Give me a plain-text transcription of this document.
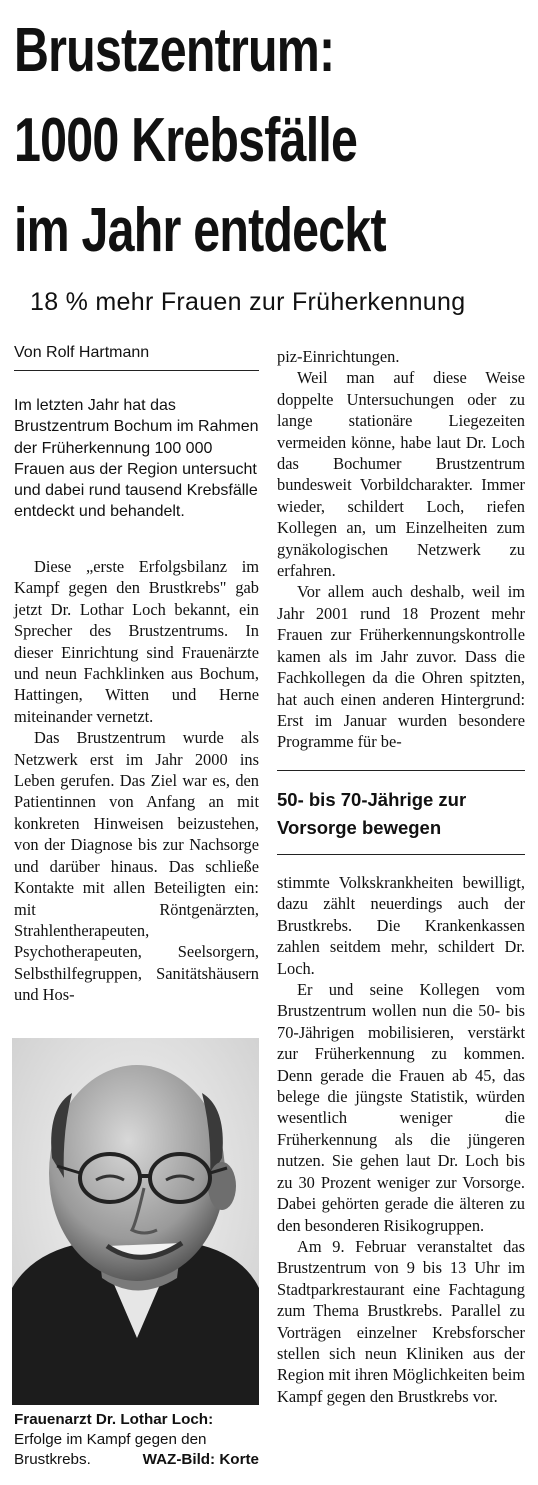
Brustzentrum:
1000 Krebsfälle
im Jahr entdeckt
18 % mehr Frauen zur Früherkennung
Von Rolf Hartmann

Im letzten Jahr hat das Brustzentrum Bochum im Rahmen der Früherkennung 100 000 Frauen aus der Region untersucht und dabei rund tausend Krebsfälle entdeckt und behandelt.

Diese „erste Erfolgsbilanz im Kampf gegen den Brustkrebs" gab jetzt Dr. Lothar Loch bekannt, ein Sprecher des Brustzentrums. In dieser Einrichtung sind Frauenärzte und neun Fachklinken aus Bochum, Hattingen, Witten und Herne miteinander vernetzt.

Das Brustzentrum wurde als Netzwerk erst im Jahr 2000 ins Leben gerufen. Das Ziel war es, den Patientinnen von Anfang an mit konkreten Hinweisen beizustehen, von der Diagnose bis zur Nachsorge und darüber hinaus. Das schließe Kontakte mit allen Beteiligten ein: mit Röntgenärzten, Strahlentherapeuten, Psychotherapeuten, Seelsorgern, Selbsthilfegruppen, Sanitätshäusern und Hos-

Frauenarzt Dr. Lothar Loch: Erfolge im Kampf gegen den Brustkrebs.	WAZ-Bild: Korte

piz-Einrichtungen.

Weil man auf diese Weise doppelte Untersuchungen oder zu lange stationäre Liegezeiten vermeiden könne, habe laut Dr. Loch das Bochumer Brustzentrum bundesweit Vorbildcharakter. Immer wieder, schildert Loch, riefen Kollegen an, um Einzelheiten zum gynäkologischen Netzwerk zu erfahren.

Vor allem auch deshalb, weil im Jahr 2001 rund 18 Prozent mehr Frauen zur Früherkennungskontrolle kamen als im Jahr zuvor. Dass die Fachkollegen da die Ohren spitzten, hat auch einen anderen Hintergrund: Erst im Januar wurden besondere Programme für be-

50- bis 70-Jährige zur Vorsorge bewegen

stimmte Volkskrankheiten bewilligt, dazu zählt neuerdings auch der Brustkrebs. Die Krankenkassen zahlen seitdem mehr, schildert Dr. Loch.

Er und seine Kollegen vom Brustzentrum wollen nun die 50- bis 70-Jährigen mobilisieren, verstärkt zur Früherkennung zu kommen. Denn gerade die Frauen ab 45, das belege die jüngste Statistik, würden wesentlich weniger die Früherkennung als die jüngeren nutzen. Sie gehen laut Dr. Loch bis zu 30 Prozent weniger zur Vorsorge. Dabei gehörten gerade die älteren zu den besonderen Risikogruppen.

Am 9. Februar veranstaltet das Brustzentrum von 9 bis 13 Uhr im Stadtparkrestaurant eine Fachtagung zum Thema Brustkrebs. Parallel zu Vorträgen einzelner Krebsforscher stellen sich neun Kliniken aus der Region mit ihren Möglichkeiten beim Kampf gegen den Brustkrebs vor.
